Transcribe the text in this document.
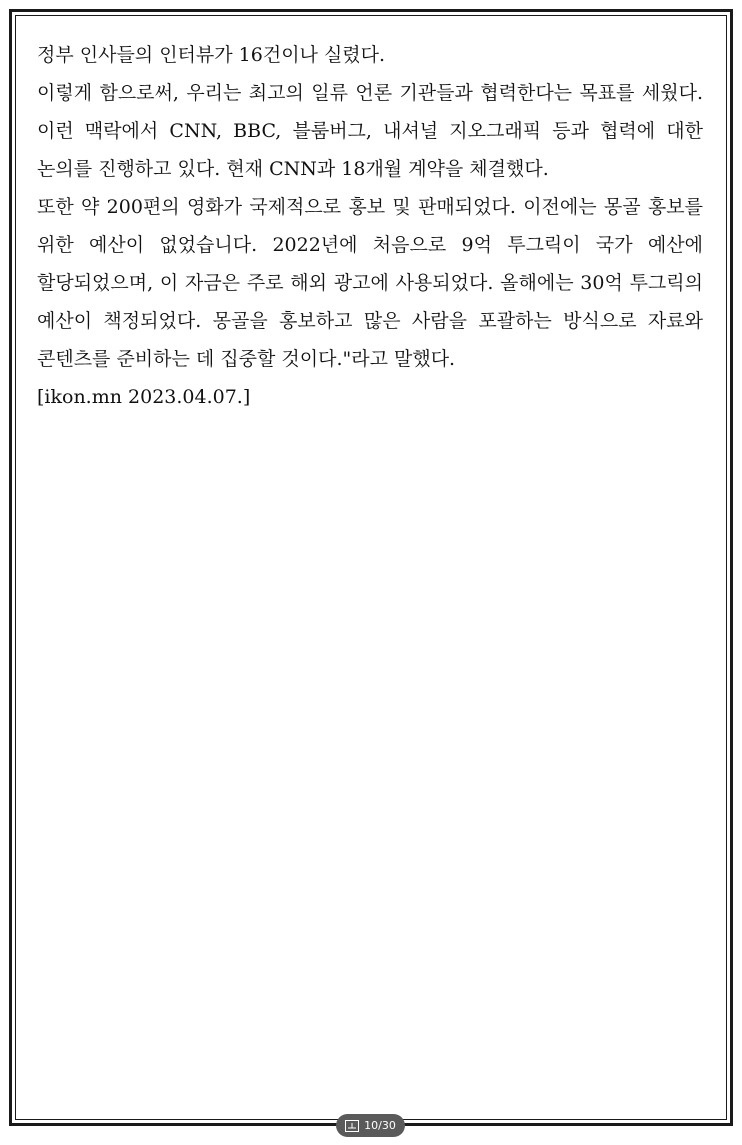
정부 인사들의 인터뷰가 16건이나 실렸다.

이렇게 함으로써, 우리는 최고의 일류 언론 기관들과 협력한다는 목표를 세웠다. 이런 맥락에서 CNN, BBC, 블룸버그, 내셔널 지오그래픽 등과 협력에 대한 논의를 진행하고 있다. 현재 CNN과 18개월 계약을 체결했다.

또한 약 200편의 영화가 국제적으로 홍보 및 판매되었다. 이전에는 몽골 홍보를 위한 예산이 없었습니다. 2022년에 처음으로 9억 투그릭이 국가 예산에 할당되었으며, 이 자금은 주로 해외 광고에 사용되었다. 올해에는 30억 투그릭의 예산이 책정되었다. 몽골을 홍보하고 많은 사람을 포괄하는 방식으로 자료와 콘텐츠를 준비하는 데 집중할 것이다."라고 말했다.

[ikon.mn 2023.04.07.]

10/30
